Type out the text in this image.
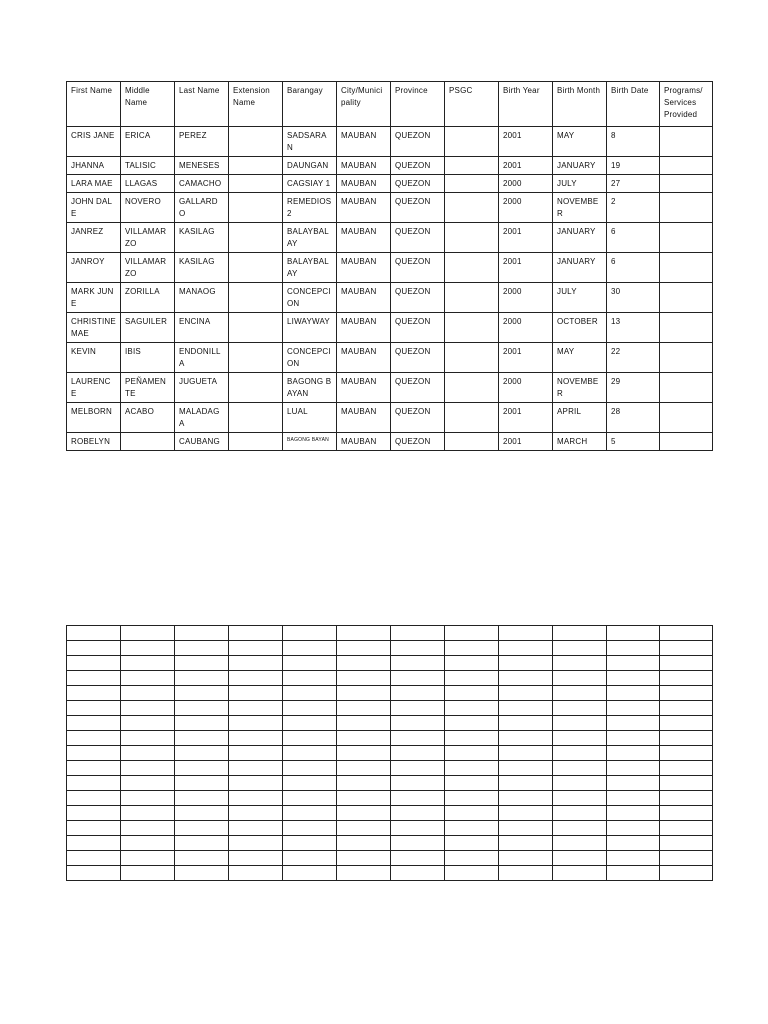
First Name	Middle Name	Last Name	Extension Name	Barangay	City/Municipality	Province	PSGC	Birth Year	Birth Month	Birth Date	Programs/ Services Provided
CRIS JANE	ERICA	PEREZ		SADSARAN	MAUBAN	QUEZON		2001	MAY	8	
JHANNA	TALISIC	MENESES		DAUNGAN	MAUBAN	QUEZON		2001	JANUARY	19	
LARA MAE	LLAGAS	CAMACHO		CAGSIAY 1	MAUBAN	QUEZON		2000	JULY	27	
JOHN DALE	NOVERO	GALLARDO		REMEDIOS 2	MAUBAN	QUEZON		2000	NOVEMBER	2	
JANREZ	VILLAMARZO	KASILAG		BALAYBALAY	MAUBAN	QUEZON		2001	JANUARY	6	
JANROY	VILLAMARZO	KASILAG		BALAYBALAY	MAUBAN	QUEZON		2001	JANUARY	6	
MARK JUNE	ZORILLA	MANAOG		CONCEPCION	MAUBAN	QUEZON		2000	JULY	30	
CHRISTINE MAE	SAGUILER	ENCINA		LIWAYWAY	MAUBAN	QUEZON		2000	OCTOBER	13	
KEVIN	IBIS	ENDONILLA		CONCEPCION	MAUBAN	QUEZON		2001	MAY	22	
LAURENCE	PEÑAMENTE	JUGUETA		BAGONG BAYAN	MAUBAN	QUEZON		2000	NOVEMBER	29	
MELBORN	ACABO	MALADAGA		LUAL	MAUBAN	QUEZON		2001	APRIL	28	
ROBELYN		CAUBANG		BAGONG BAYAN	MAUBAN	QUEZON		2001	MARCH	5	
